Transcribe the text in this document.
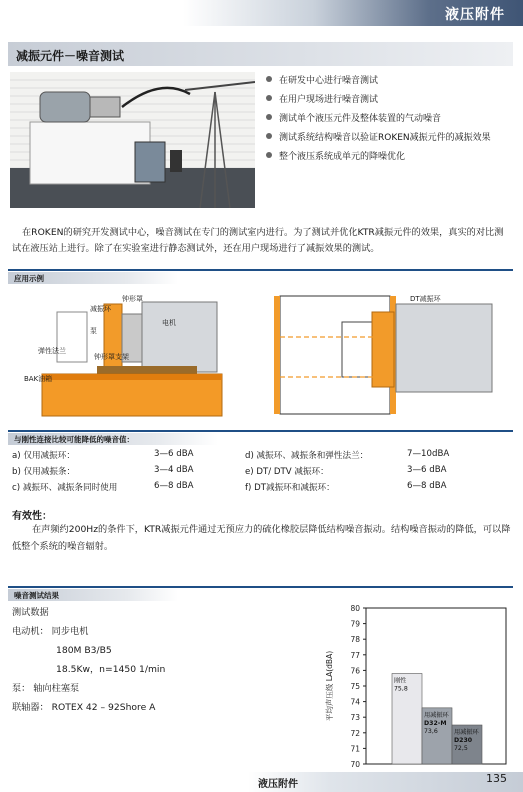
液压附件
减振元件－噪音测试
在研发中心进行噪音测试
在用户现场进行噪音测试
测试单个液压元件及整体装置的气动噪音
测试系统结构噪音以验证ROKEN减振元件的减振效果
整个液压系统成单元的降噪优化
在ROKEN的研究开发测试中心，噪音测试在专门的测试室内进行。为了测试并优化KTR减振元件的效果，真实的对比测试在液压站上进行。除了在实验室进行静态测试外，还在用户现场进行了减振效果的测试。
应用示例
钟形罩
减振环
电机
泵
弹性法兰
钟形罩支架
BAK油箱
DT减振环
与刚性连接比较可能降低的噪音值：
a) 仅用减振环：	3—6 dBA
b) 仅用减振条：	3—4 dBA
c) 减振环、减振条同时使用	6—8 dBA
d) 减振环、减振条和弹性法兰：	7—10dBA
e) DT/ DTV 减振环：	3—6 dBA
f) DT减振环和减振环：	6—8 dBA
有效性：
在声频约200Hz的条件下，KTR减振元件通过无预应力的硫化橡胶层降低结构噪音振动。结构噪音振动的降低，可以降低整个系统的噪音辐射。
噪音测试结果
测试数据
电动机： 同步电机
180M B3/B5
18.5Kw，n=1450 1/min
泵： 轴向柱塞泵
联轴器： ROTEX 42 – 92Shore A
70
71
72
73
74
75
76
77
78
79
80
平均声压级 LA(dBA)	刚性
75,8
用减振环
D32-M
73,6	用减振环
D230
72,5
液压附件	135
